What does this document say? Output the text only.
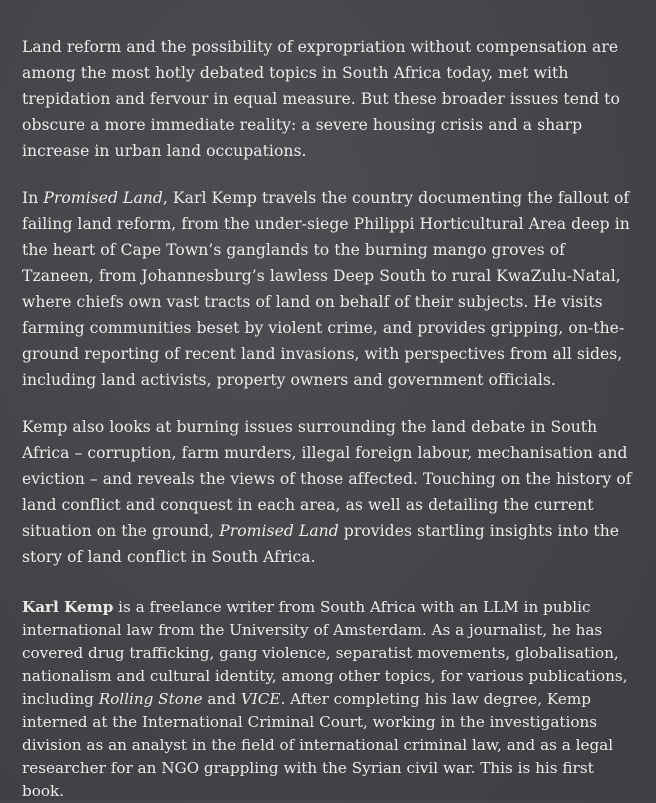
Land reform and the possibility of expropriation without compensation are among the most hotly debated topics in South Africa today, met with trepidation and fervour in equal measure. But these broader issues tend to obscure a more immediate reality: a severe housing crisis and a sharp increase in urban land occupations.

In Promised Land, Karl Kemp travels the country documenting the fallout of failing land reform, from the under-siege Philippi Horticultural Area deep in the heart of Cape Town’s ganglands to the burning mango groves of Tzaneen, from Johannesburg’s lawless Deep South to rural KwaZulu-Natal, where chiefs own vast tracts of land on behalf of their subjects. He visits farming communities beset by violent crime, and provides gripping, on-the-ground reporting of recent land invasions, with perspectives from all sides, including land activists, property owners and government officials.

Kemp also looks at burning issues surrounding the land debate in South Africa – corruption, farm murders, illegal foreign labour, mechanisation and eviction – and reveals the views of those affected. Touching on the history of land conflict and conquest in each area, as well as detailing the current situation on the ground, Promised Land provides startling insights into the story of land conflict in South Africa.

Karl Kemp is a freelance writer from South Africa with an LLM in public international law from the University of Amsterdam. As a journalist, he has covered drug trafficking, gang violence, separatist movements, globalisation, nationalism and cultural identity, among other topics, for various publications, including Rolling Stone and VICE. After completing his law degree, Kemp interned at the International Criminal Court, working in the investigations division as an analyst in the field of international criminal law, and as a legal researcher for an NGO grappling with the Syrian civil war. This is his first book.
